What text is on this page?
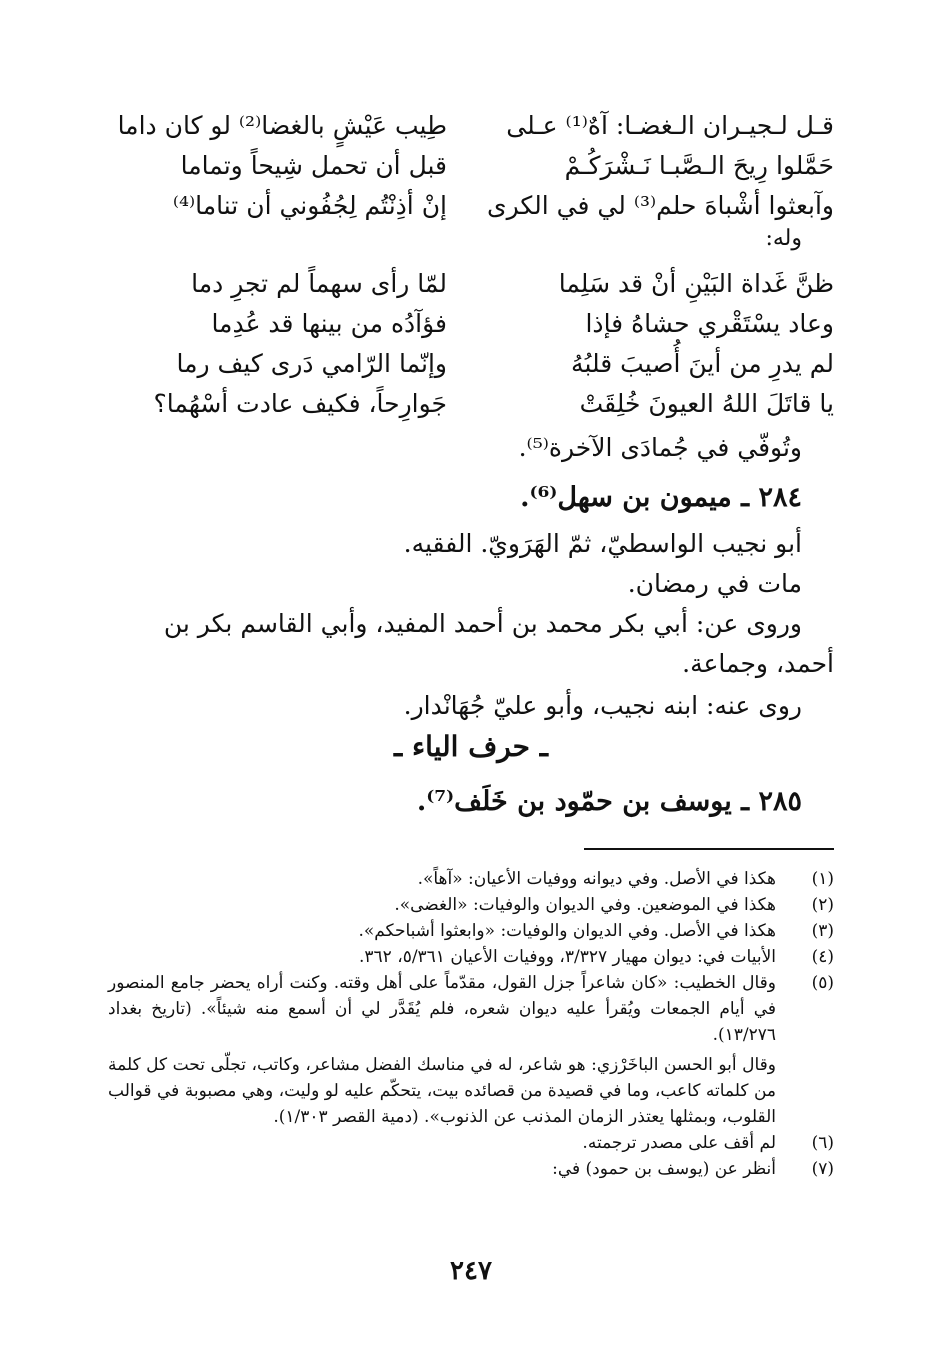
قـل لـجيـران الـغضـا: آهٌ⁽¹⁾ عـلى
حَمَّلوا رِيحَ الـصَّبـا نَـشْرَكُـمْ
وآبعثوا أشْباهَ حلم⁽³⁾ لي في الكرى
طِيب عَيْشٍ بالغضا⁽²⁾ لو كان داما
قبل أن تحمل شِيحاً وتماما
إنْ أذِنْتُم لِجُفُوني أن تناما⁽⁴⁾
وله:
ظنَّ غَداة البَيْنِ أنْ قد سَلِما
وعاد يسْتَقْري حشاهُ فإذا
لم يدرِ من أينَ أُصيبَ قلبُهُ
يا قاتَلَ اللهُ العيونَ خُلِقَتْ
لمّا رأى سهماً لم تجرِ دما
فؤآدُه من بينها قد عُدِما
وإنّما الرّامي دَرى كيف رما
جَوارِحاً، فكيف عادت أسْهُما؟
وتُوفّي في جُمادَى الآخرة⁽⁵⁾.
٢٨٤ ـ ميمون بن سهل⁽⁶⁾.
أبو نجيب الواسطيّ، ثمّ الهَرَويّ. الفقيه.
مات في رمضان.
وروى عن: أبي بكر محمد بن أحمد المفيد، وأبي القاسم بكر بن
أحمد، وجماعة.
روى عنه: ابنه نجيب، وأبو عليّ جُهَانْدار.
ـ حرف الياء ـ
٢٨٥ ـ يوسف بن حمّود بن خَلَف⁽⁷⁾.
(١)
هكذا في الأصل. وفي ديوانه ووفيات الأعيان: «آهاً».
(٢)
هكذا في الموضعين. وفي الديوان والوفيات: «الغضى».
(٣)
هكذا في الأصل. وفي الديوان والوفيات: «وابعثوا أشباحكم».
(٤)
الأبيات في: ديوان مهيار ٣/٣٢٧، ووفيات الأعيان ٥/٣٦١، ٣٦٢.
(٥)
وقال الخطيب: «كان شاعراً جزل القول، مقدّماً على أهل وقته. وكنت أراه يحضر جامع المنصور في أيام الجمعات ويُقرأ عليه ديوان شعره، فلم يُقَدَّر لي أن أسمع منه شيئاً». (تاريخ بغداد ١٣/٢٧٦).
وقال أبو الحسن الباخَرْزي: هو شاعر، له في مناسك الفضل مشاعر، وكاتب، تجلّى تحت كل كلمة من كلماته كاعب، وما في قصيدة من قصائده بيت، يتحكّم عليه لو وليت، وهي مصبوبة في قوالب القلوب، وبمثلها يعتذر الزمان المذنب عن الذنوب». (دمية القصر ١/٣٠٣).
(٦)
لم أقف على مصدر ترجمته.
(٧)
أنظر عن (يوسف بن حمود) في:
٢٤٧
